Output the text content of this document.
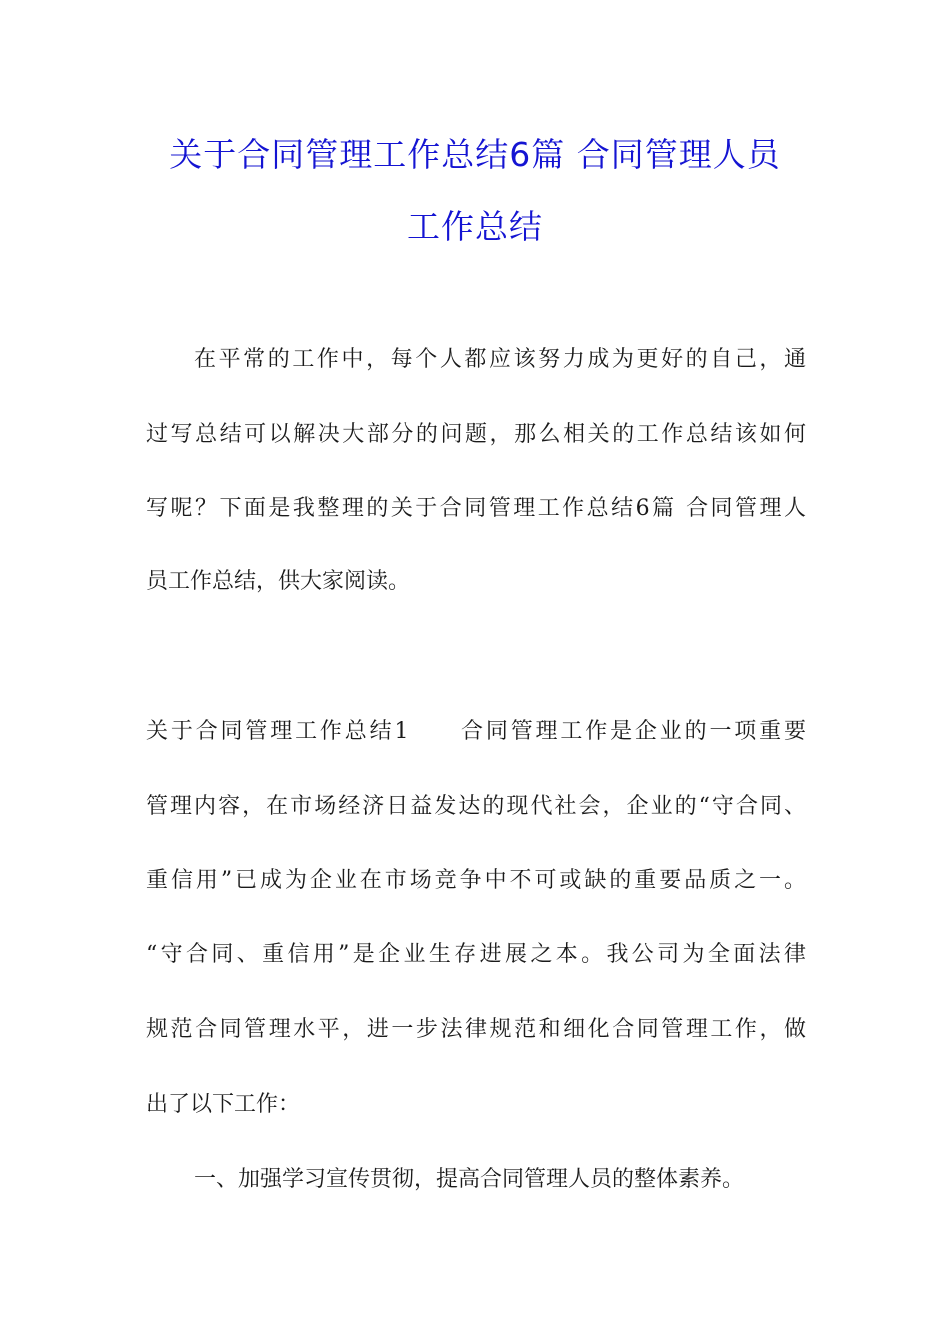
关于合同管理工作总结6篇 合同管理人员
工作总结
在平常的工作中，每个人都应该努力成为更好的自己，通
过写总结可以解决大部分的问题，那么相关的工作总结该如何
写呢？下面是我整理的关于合同管理工作总结6篇 合同管理人
员工作总结，供大家阅读。
关于合同管理工作总结1　　合同管理工作是企业的一项重要
管理内容，在市场经济日益发达的现代社会，企业的“守合同、
重信用”已成为企业在市场竞争中不可或缺的重要品质之一。
“守合同、重信用”是企业生存进展之本。我公司为全面法律
规范合同管理水平，进一步法律规范和细化合同管理工作，做
出了以下工作：
一、加强学习宣传贯彻，提高合同管理人员的整体素养。
